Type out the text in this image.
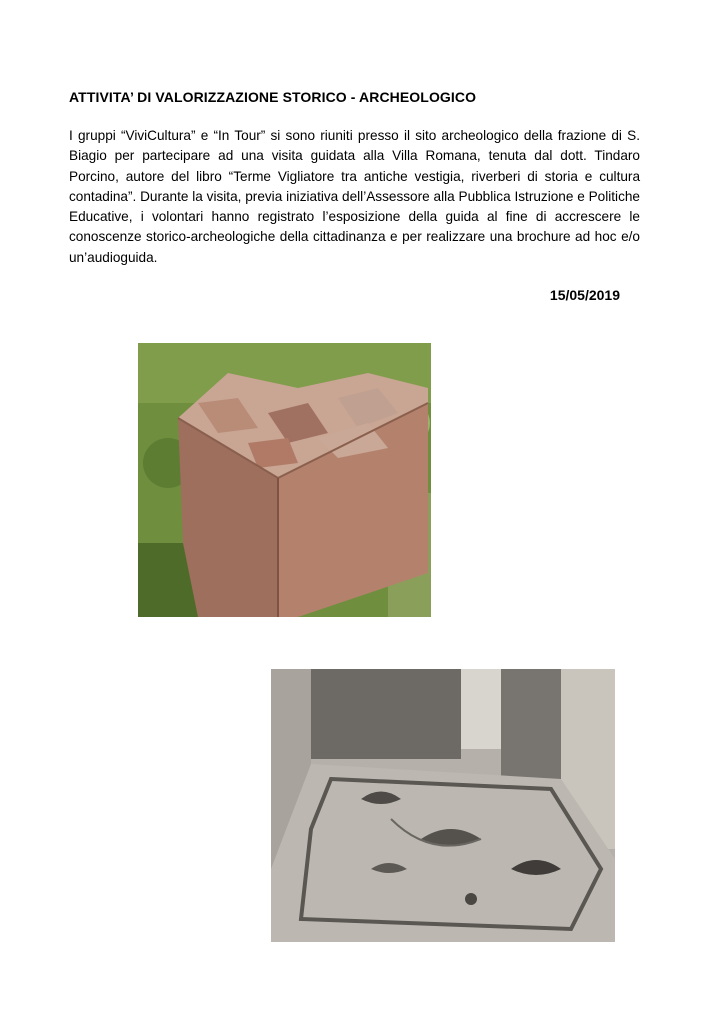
ATTIVITA’ DI VALORIZZAZIONE STORICO - ARCHEOLOGICO
I gruppi “ViviCultura” e “In Tour” si sono riuniti presso il sito archeologico della frazione di S. Biagio per partecipare ad una visita guidata alla Villa Romana, tenuta dal dott. Tindaro Porcino, autore del libro “Terme Vigliatore tra antiche vestigia, riverberi di storia e cultura contadina”. Durante la visita, previa iniziativa dell’Assessore alla Pubblica Istruzione e Politiche Educative, i volontari hanno registrato l’esposizione della guida al fine di accrescere le conoscenze storico-archeologiche della cittadinanza e per realizzare una brochure ad hoc e/o un’audioguida.
15/05/2019
